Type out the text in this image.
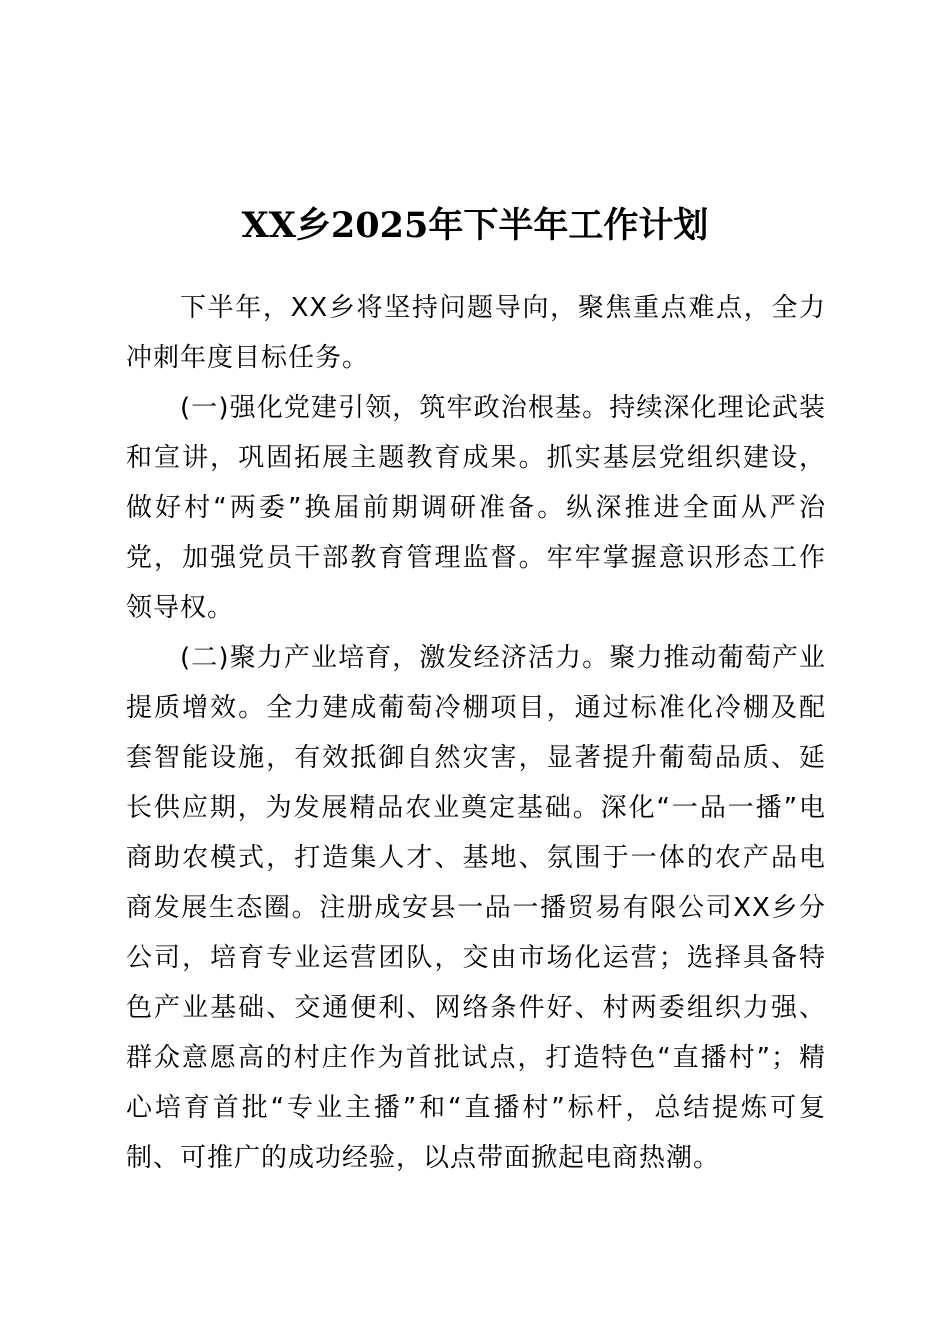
XX乡2025年下半年工作计划

下半年，XX乡将坚持问题导向，聚焦重点难点，全力冲刺年度目标任务。

(一)强化党建引领，筑牢政治根基。持续深化理论武装和宣讲，巩固拓展主题教育成果。抓实基层党组织建设，做好村“两委”换届前期调研准备。纵深推进全面从严治党，加强党员干部教育管理监督。牢牢掌握意识形态工作领导权。

(二)聚力产业培育，激发经济活力。聚力推动葡萄产业提质增效。全力建成葡萄冷棚项目，通过标准化冷棚及配套智能设施，有效抵御自然灾害，显著提升葡萄品质、延长供应期，为发展精品农业奠定基础。深化“一品一播”电商助农模式，打造集人才、基地、氛围于一体的农产品电商发展生态圈。注册成安县一品一播贸易有限公司XX乡分公司，培育专业运营团队，交由市场化运营；选择具备特色产业基础、交通便利、网络条件好、村两委组织力强、群众意愿高的村庄作为首批试点，打造特色“直播村”；精心培育首批“专业主播”和“直播村”标杆，总结提炼可复制、可推广的成功经验，以点带面掀起电商热潮。
